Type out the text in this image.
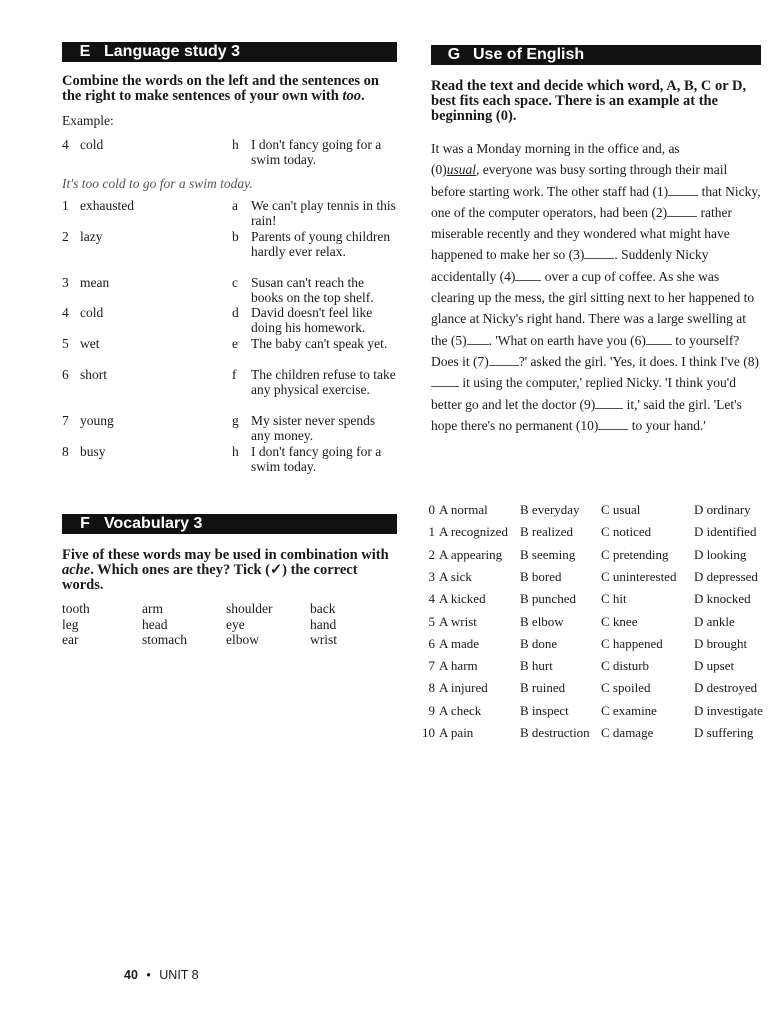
E Language study 3

Combine the words on the left and the sentences on the right to make sentences of your own with too.

Example:
4 cold	h I don't fancy going for a swim today.
It's too cold to go for a swim today.
1 exhausted	a We can't play tennis in this rain!
2 lazy	b Parents of young children hardly ever relax.
3 mean	c Susan can't reach the books on the top shelf.
4 cold	d David doesn't feel like doing his homework.
5 wet	e The baby can't speak yet.
6 short	f The children refuse to take any physical exercise.
7 young	g My sister never spends any money.
8 busy	h I don't fancy going for a swim today.
F Vocabulary 3

Five of these words may be used in combination with ache. Which ones are they? Tick (✓) the correct words.

tooth	arm	shoulder	back
leg	head	eye	hand
ear	stomach	elbow	wrist
40 • UNIT 8
G Use of English

Read the text and decide which word, A, B, C or D, best fits each space. There is an example at the beginning (0).

It was a Monday morning in the office and, as
(0)usual, everyone was busy sorting through their mail before starting work. The other staff had (1) that Nicky, one of the computer operators, had been (2) rather miserable recently and they wondered what might have happened to make her so (3) . Suddenly Nicky accidentally (4) over a cup of coffee. As she was clearing up the mess, the girl sitting next to her happened to glance at Nicky's right hand. There was a large swelling at the (5) . 'What on earth have you (6) to yourself? Does it (7) ?' asked the girl. 'Yes, it does. I think I've (8) it using the computer,' replied Nicky. 'I think you'd better go and let the doctor (9) it,' said the girl. 'Let's hope there's no permanent (10) to your hand.'

0 A normal B everyday C usual	D ordinary
1 A recognized B realized C noticed	D identified
2 A appearing B seeming C pretending D looking
3 A sick	B bored	C uninterested D depressed
4 A kicked	B punched C hit	D knocked
5 A wrist	B elbow	C knee	D ankle
6 A made	B done	C happened D brought
7 A harm	B hurt	C disturb	D upset
8 A injured B ruined	C spoiled	D destroyed
9 A check	B inspect C examine	D investigate
10 A pain	B destruction C damage	D suffering
